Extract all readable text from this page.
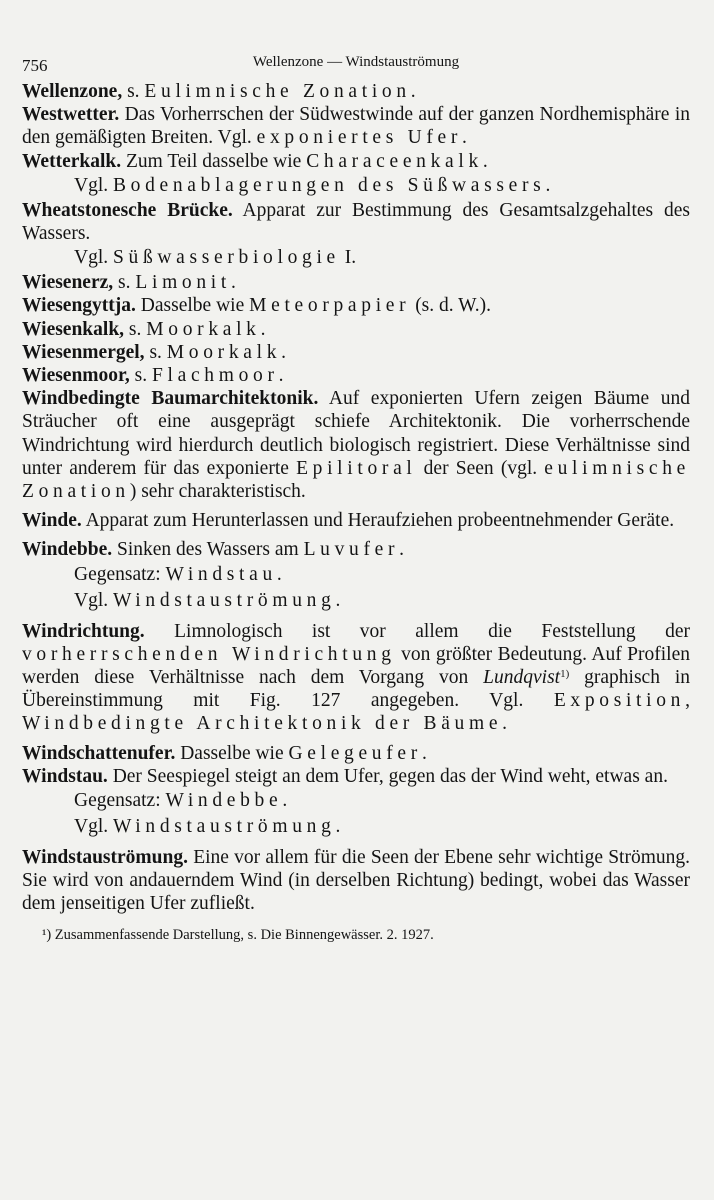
756	Wellenzone — Windstauströmung
Wellenzone, s. Eulimnische Zonation.
Westwetter. Das Vorherrschen der Südwestwinde auf der ganzen Nordhemisphäre in den gemäßigten Breiten. Vgl. exponiertes Ufer.
Wetterkalk. Zum Teil dasselbe wie Characeenkalk.
Vgl. Bodenablagerungen des Süßwassers.
Wheatstonesche Brücke. Apparat zur Bestimmung des Gesamtsalzgehaltes des Wassers.
Vgl. Süßwasserbiologie I.
Wiesenerz, s. Limonit.
Wiesengyttja. Dasselbe wie Meteorpapier (s. d. W.).
Wiesenkalk, s. Moorkalk.
Wiesenmergel, s. Moorkalk.
Wiesenmoor, s. Flachmoor.
Windbedingte Baumarchitektonik. Auf exponierten Ufern zeigen Bäume und Sträucher oft eine ausgeprägt schiefe Architektonik. Die vorherrschende Windrichtung wird hierdurch deutlich biologisch registriert. Diese Verhältnisse sind unter anderem für das exponierte Epilitoral der Seen (vgl. eulimnische Zonation) sehr charakteristisch.
Winde. Apparat zum Herunterlassen und Heraufziehen probeentnehmender Geräte.
Windebbe. Sinken des Wassers am Luvufer.
Gegensatz: Windstau.
Vgl. Windstauströmung.
Windrichtung. Limnologisch ist vor allem die Feststellung der vorherrschenden Windrichtung von größter Bedeutung. Auf Profilen werden diese Verhältnisse nach dem Vorgang von Lundqvist$^{1)}$ graphisch in Übereinstimmung mit Fig. 127 angegeben. Vgl. Exposition, Windbedingte Architektonik der Bäume.
Windschattenufer. Dasselbe wie Gelegeufer.
Windstau. Der Seespiegel steigt an dem Ufer, gegen das der Wind weht, etwas an.
Gegensatz: Windebbe.
Vgl. Windstauströmung.
Windstauströmung. Eine vor allem für die Seen der Ebene sehr wichtige Strömung. Sie wird von andauerndem Wind (in derselben Richtung) bedingt, wobei das Wasser dem jenseitigen Ufer zufließt.
¹) Zusammenfassende Darstellung, s. Die Binnengewässer. 2. 1927.
